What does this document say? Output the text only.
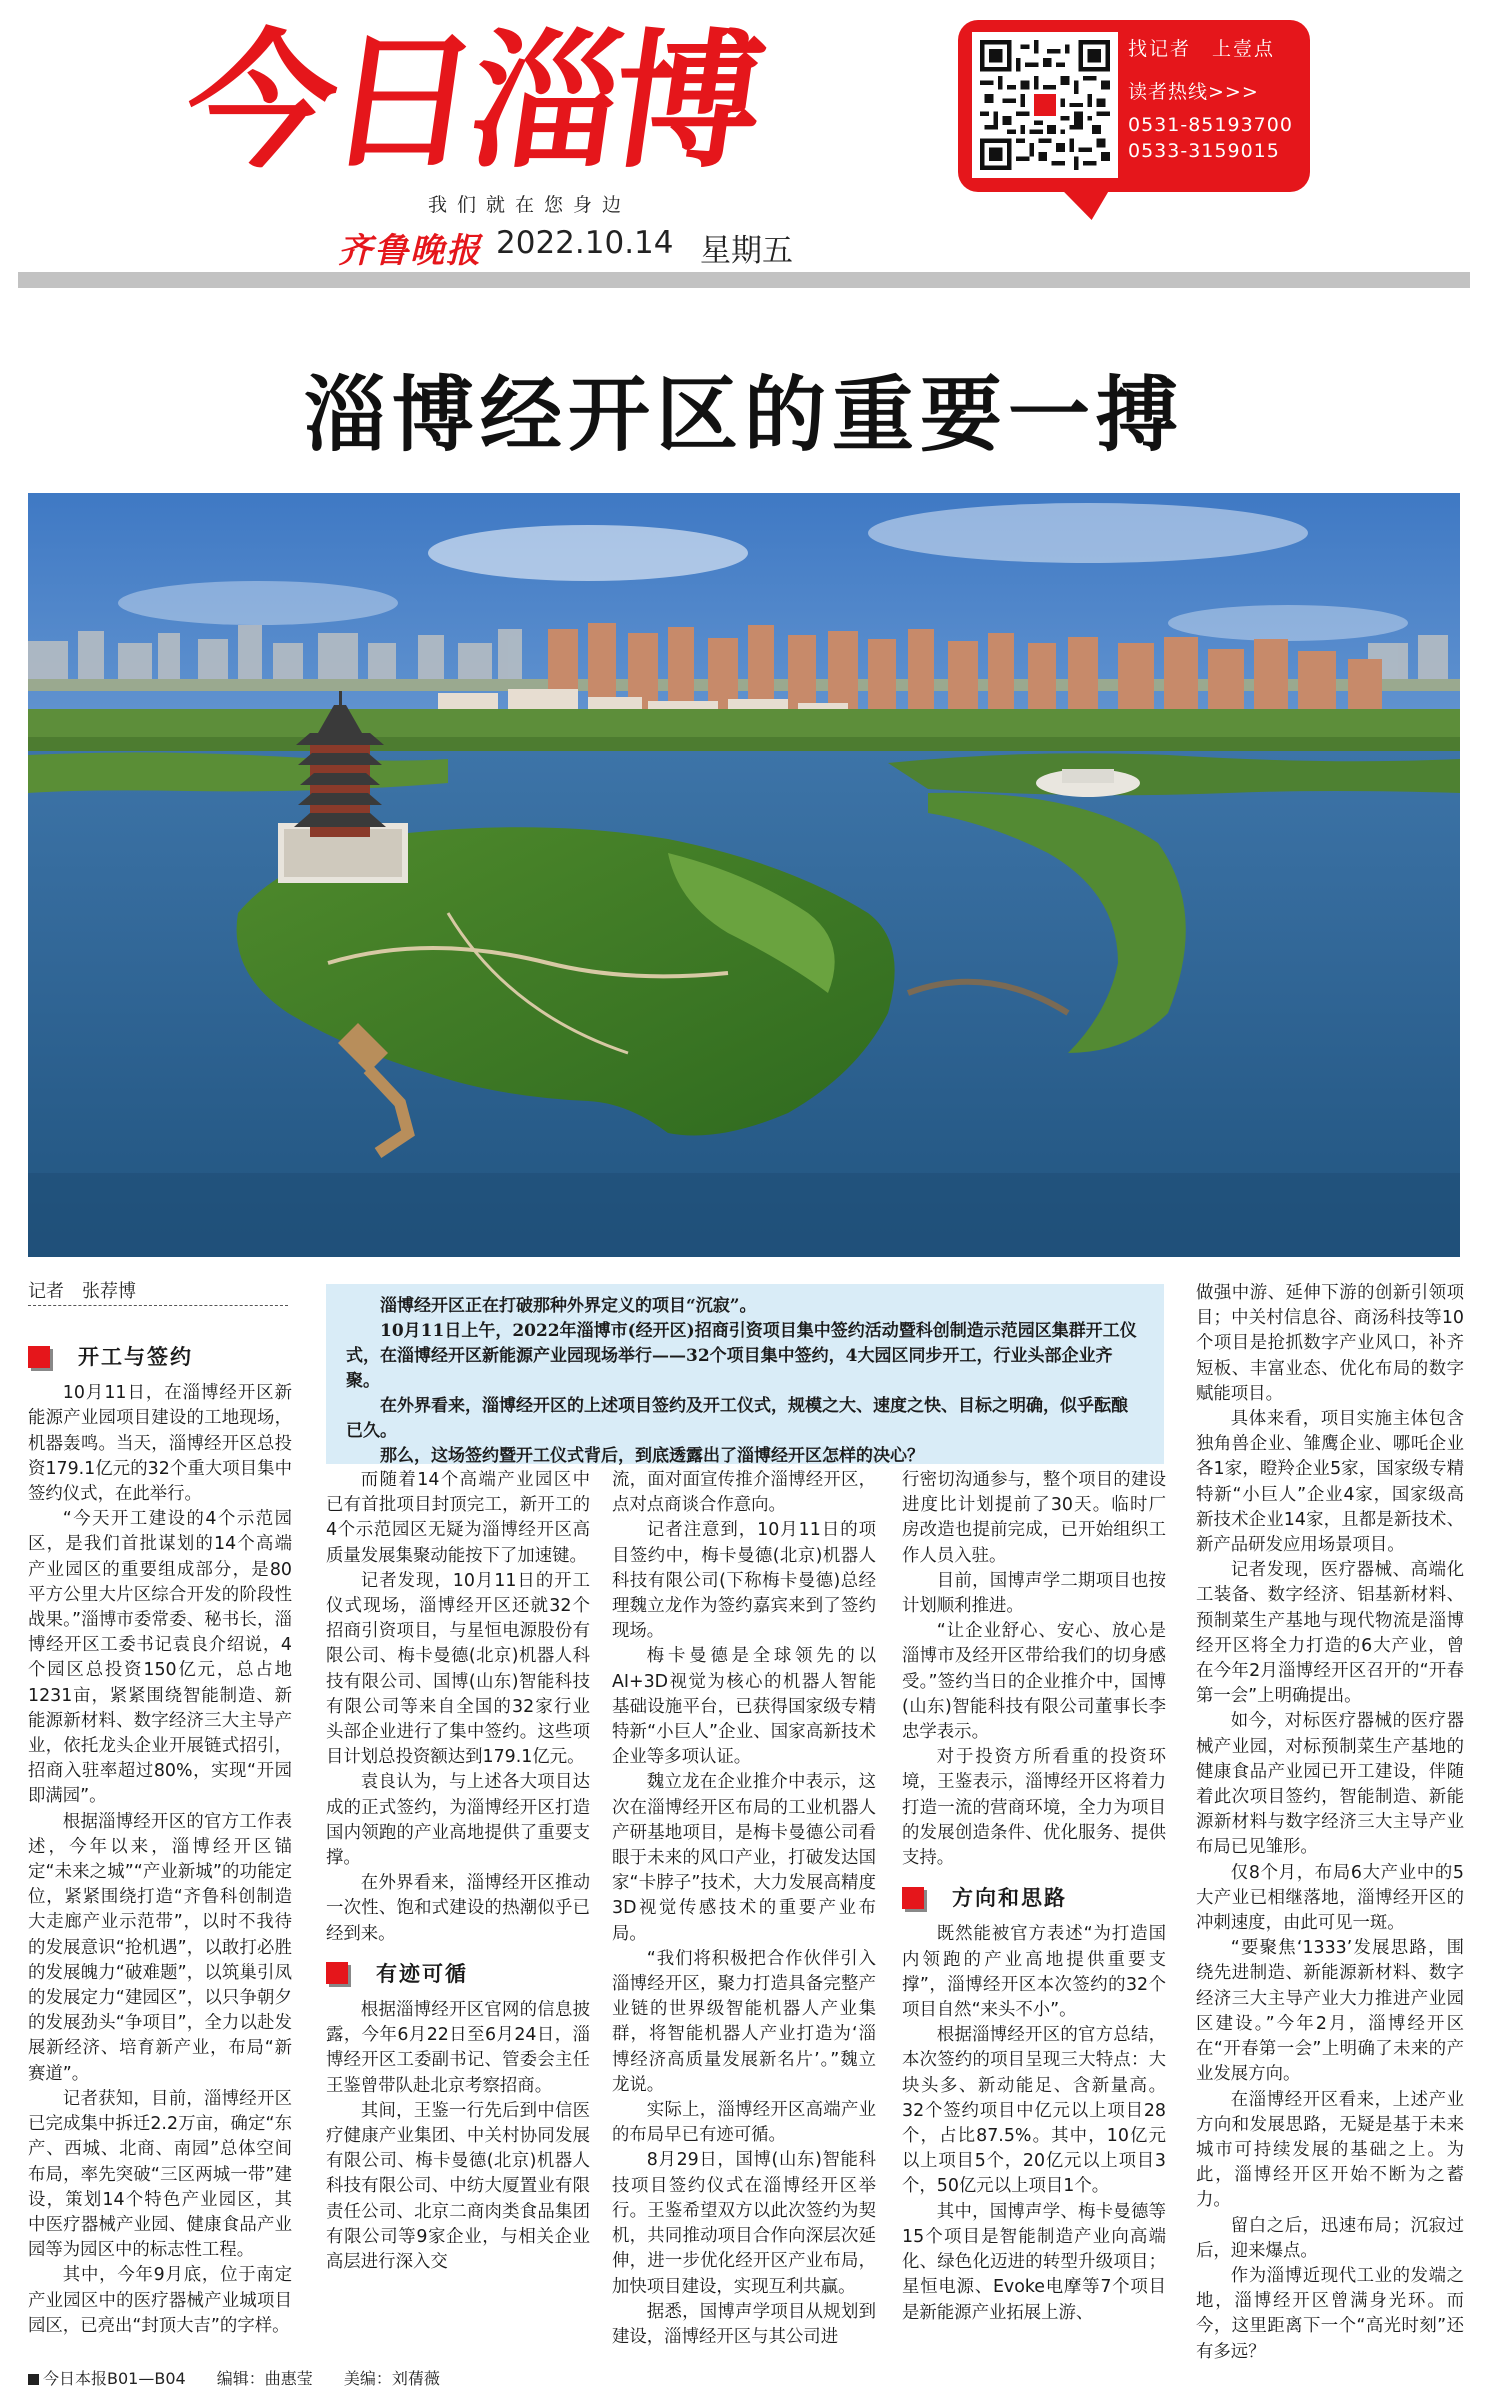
今日淄博
我们就在您身边
齐鲁晚报 2022.10.14 星期五
找记者　上壹点
读者热线>>>
0531-85193700
0533-3159015
淄博经开区的重要一搏
记者　张荐博

淄博经开区正在打破那种外界定义的项目“沉寂”。

10月11日上午，2022年淄博市(经开区)招商引资项目集中签约活动暨科创制造示范园区集群开工仪式，在淄博经开区新能源产业园现场举行——32个项目集中签约，4大园区同步开工，行业头部企业齐聚。

在外界看来，淄博经开区的上述项目签约及开工仪式，规模之大、速度之快、目标之明确，似乎酝酿已久。

那么，这场签约暨开工仪式背后，到底透露出了淄博经开区怎样的决心？

开工与签约

10月11日，在淄博经开区新能源产业园项目建设的工地现场，机器轰鸣。当天，淄博经开区总投资179.1亿元的32个重大项目集中签约仪式，在此举行。

“今天开工建设的4个示范园区，是我们首批谋划的14个高端产业园区的重要组成部分，是80平方公里大片区综合开发的阶段性战果。”淄博市委常委、秘书长，淄博经开区工委书记袁良介绍说，4个园区总投资150亿元，总占地1231亩，紧紧围绕智能制造、新能源新材料、数字经济三大主导产业，依托龙头企业开展链式招引，招商入驻率超过80%，实现“开园即满园”。

根据淄博经开区的官方工作表述，今年以来，淄博经开区锚定“未来之城”“产业新城”的功能定位，紧紧围绕打造“齐鲁科创制造大走廊产业示范带”，以时不我待的发展意识“抢机遇”，以敢打必胜的发展魄力“破难题”，以筑巢引凤的发展定力“建园区”，以只争朝夕的发展劲头“争项目”，全力以赴发展新经济、培育新产业，布局“新赛道”。

记者获知，目前，淄博经开区已完成集中拆迁2.2万亩，确定“东产、西城、北商、南园”总体空间布局，率先突破“三区两城一带”建设，策划14个特色产业园区，其中医疗器械产业园、健康食品产业园等为园区中的标志性工程。

其中，今年9月底，位于南定产业园区中的医疗器械产业城项目园区，已亮出“封顶大吉”的字样。

而随着14个高端产业园区中已有首批项目封顶完工，新开工的4个示范园区无疑为淄博经开区高质量发展集聚动能按下了加速键。

记者发现，10月11日的开工仪式现场，淄博经开区还就32个招商引资项目，与星恒电源股份有限公司、梅卡曼德(北京)机器人科技有限公司、国博(山东)智能科技有限公司等来自全国的32家行业头部企业进行了集中签约。这些项目计划总投资额达到179.1亿元。

袁良认为，与上述各大项目达成的正式签约，为淄博经开区打造国内领跑的产业高地提供了重要支撑。

在外界看来，淄博经开区推动一次性、饱和式建设的热潮似乎已经到来。

有迹可循

根据淄博经开区官网的信息披露，今年6月22日至6月24日，淄博经开区工委副书记、管委会主任王鉴曾带队赴北京考察招商。

其间，王鉴一行先后到中信医疗健康产业集团、中关村协同发展有限公司、梅卡曼德(北京)机器人科技有限公司、中纺大厦置业有限责任公司、北京二商肉类食品集团有限公司等9家企业，与相关企业高层进行深入交

流，面对面宣传推介淄博经开区，点对点商谈合作意向。

记者注意到，10月11日的项目签约中，梅卡曼德(北京)机器人科技有限公司(下称梅卡曼德)总经理魏立龙作为签约嘉宾来到了签约现场。

梅卡曼德是全球领先的以AI+3D视觉为核心的机器人智能基础设施平台，已获得国家级专精特新“小巨人”企业、国家高新技术企业等多项认证。

魏立龙在企业推介中表示，这次在淄博经开区布局的工业机器人产研基地项目，是梅卡曼德公司看眼于未来的风口产业，打破发达国家“卡脖子”技术，大力发展高精度3D视觉传感技术的重要产业布局。

“我们将积极把合作伙伴引入淄博经开区，聚力打造具备完整产业链的世界级智能机器人产业集群，将智能机器人产业打造为‘淄博经济高质量发展新名片’。”魏立龙说。

实际上，淄博经开区高端产业的布局早已有迹可循。

8月29日，国博(山东)智能科技项目签约仪式在淄博经开区举行。王鉴希望双方以此次签约为契机，共同推动项目合作向深层次延伸，进一步优化经开区产业布局，加快项目建设，实现互利共赢。

据悉，国博声学项目从规划到建设，淄博经开区与其公司进

行密切沟通参与，整个项目的建设进度比计划提前了30天。临时厂房改造也提前完成，已开始组织工作人员入驻。

目前，国博声学二期项目也按计划顺利推进。

“让企业舒心、安心、放心是淄博市及经开区带给我们的切身感受。”签约当日的企业推介中，国博(山东)智能科技有限公司董事长李忠学表示。

对于投资方所看重的投资环境，王鉴表示，淄博经开区将着力打造一流的营商环境，全力为项目的发展创造条件、优化服务、提供支持。

方向和思路

既然能被官方表述“为打造国内领跑的产业高地提供重要支撑”，淄博经开区本次签约的32个项目自然“来头不小”。

根据淄博经开区的官方总结，本次签约的项目呈现三大特点：大块头多、新动能足、含新量高。32个签约项目中亿元以上项目28个，占比87.5%。其中，10亿元以上项目5个，20亿元以上项目3个，50亿元以上项目1个。

其中，国博声学、梅卡曼德等15个项目是智能制造产业向高端化、绿色化迈进的转型升级项目；星恒电源、Evoke电摩等7个项目是新能源产业拓展上游、

做强中游、延伸下游的创新引领项目；中关村信息谷、商汤科技等10个项目是抢抓数字产业风口，补齐短板、丰富业态、优化布局的数字赋能项目。

具体来看，项目实施主体包含独角兽企业、雏鹰企业、哪吒企业各1家，瞪羚企业5家，国家级专精特新“小巨人”企业4家，国家级高新技术企业14家，且都是新技术、新产品研发应用场景项目。

记者发现，医疗器械、高端化工装备、数字经济、铝基新材料、预制菜生产基地与现代物流是淄博经开区将全力打造的6大产业，曾在今年2月淄博经开区召开的“开春第一会”上明确提出。

如今，对标医疗器械的医疗器械产业园，对标预制菜生产基地的健康食品产业园已开工建设，伴随着此次项目签约，智能制造、新能源新材料与数字经济三大主导产业布局已见雏形。

仅8个月，布局6大产业中的5大产业已相继落地，淄博经开区的冲刺速度，由此可见一斑。

“要聚焦‘1333’发展思路，围绕先进制造、新能源新材料、数字经济三大主导产业大力推进产业园区建设。”今年2月，淄博经开区在“开春第一会”上明确了未来的产业发展方向。

在淄博经开区看来，上述产业方向和发展思路，无疑是基于未来城市可持续发展的基础之上。为此，淄博经开区开始不断为之蓄力。

留白之后，迅速布局；沉寂过后，迎来爆点。

作为淄博近现代工业的发端之地，淄博经开区曾满身光环。而今，这里距离下一个“高光时刻”还有多远？

今日本报B01—B04 编辑：曲惠莹 美编：刘蒨薇
